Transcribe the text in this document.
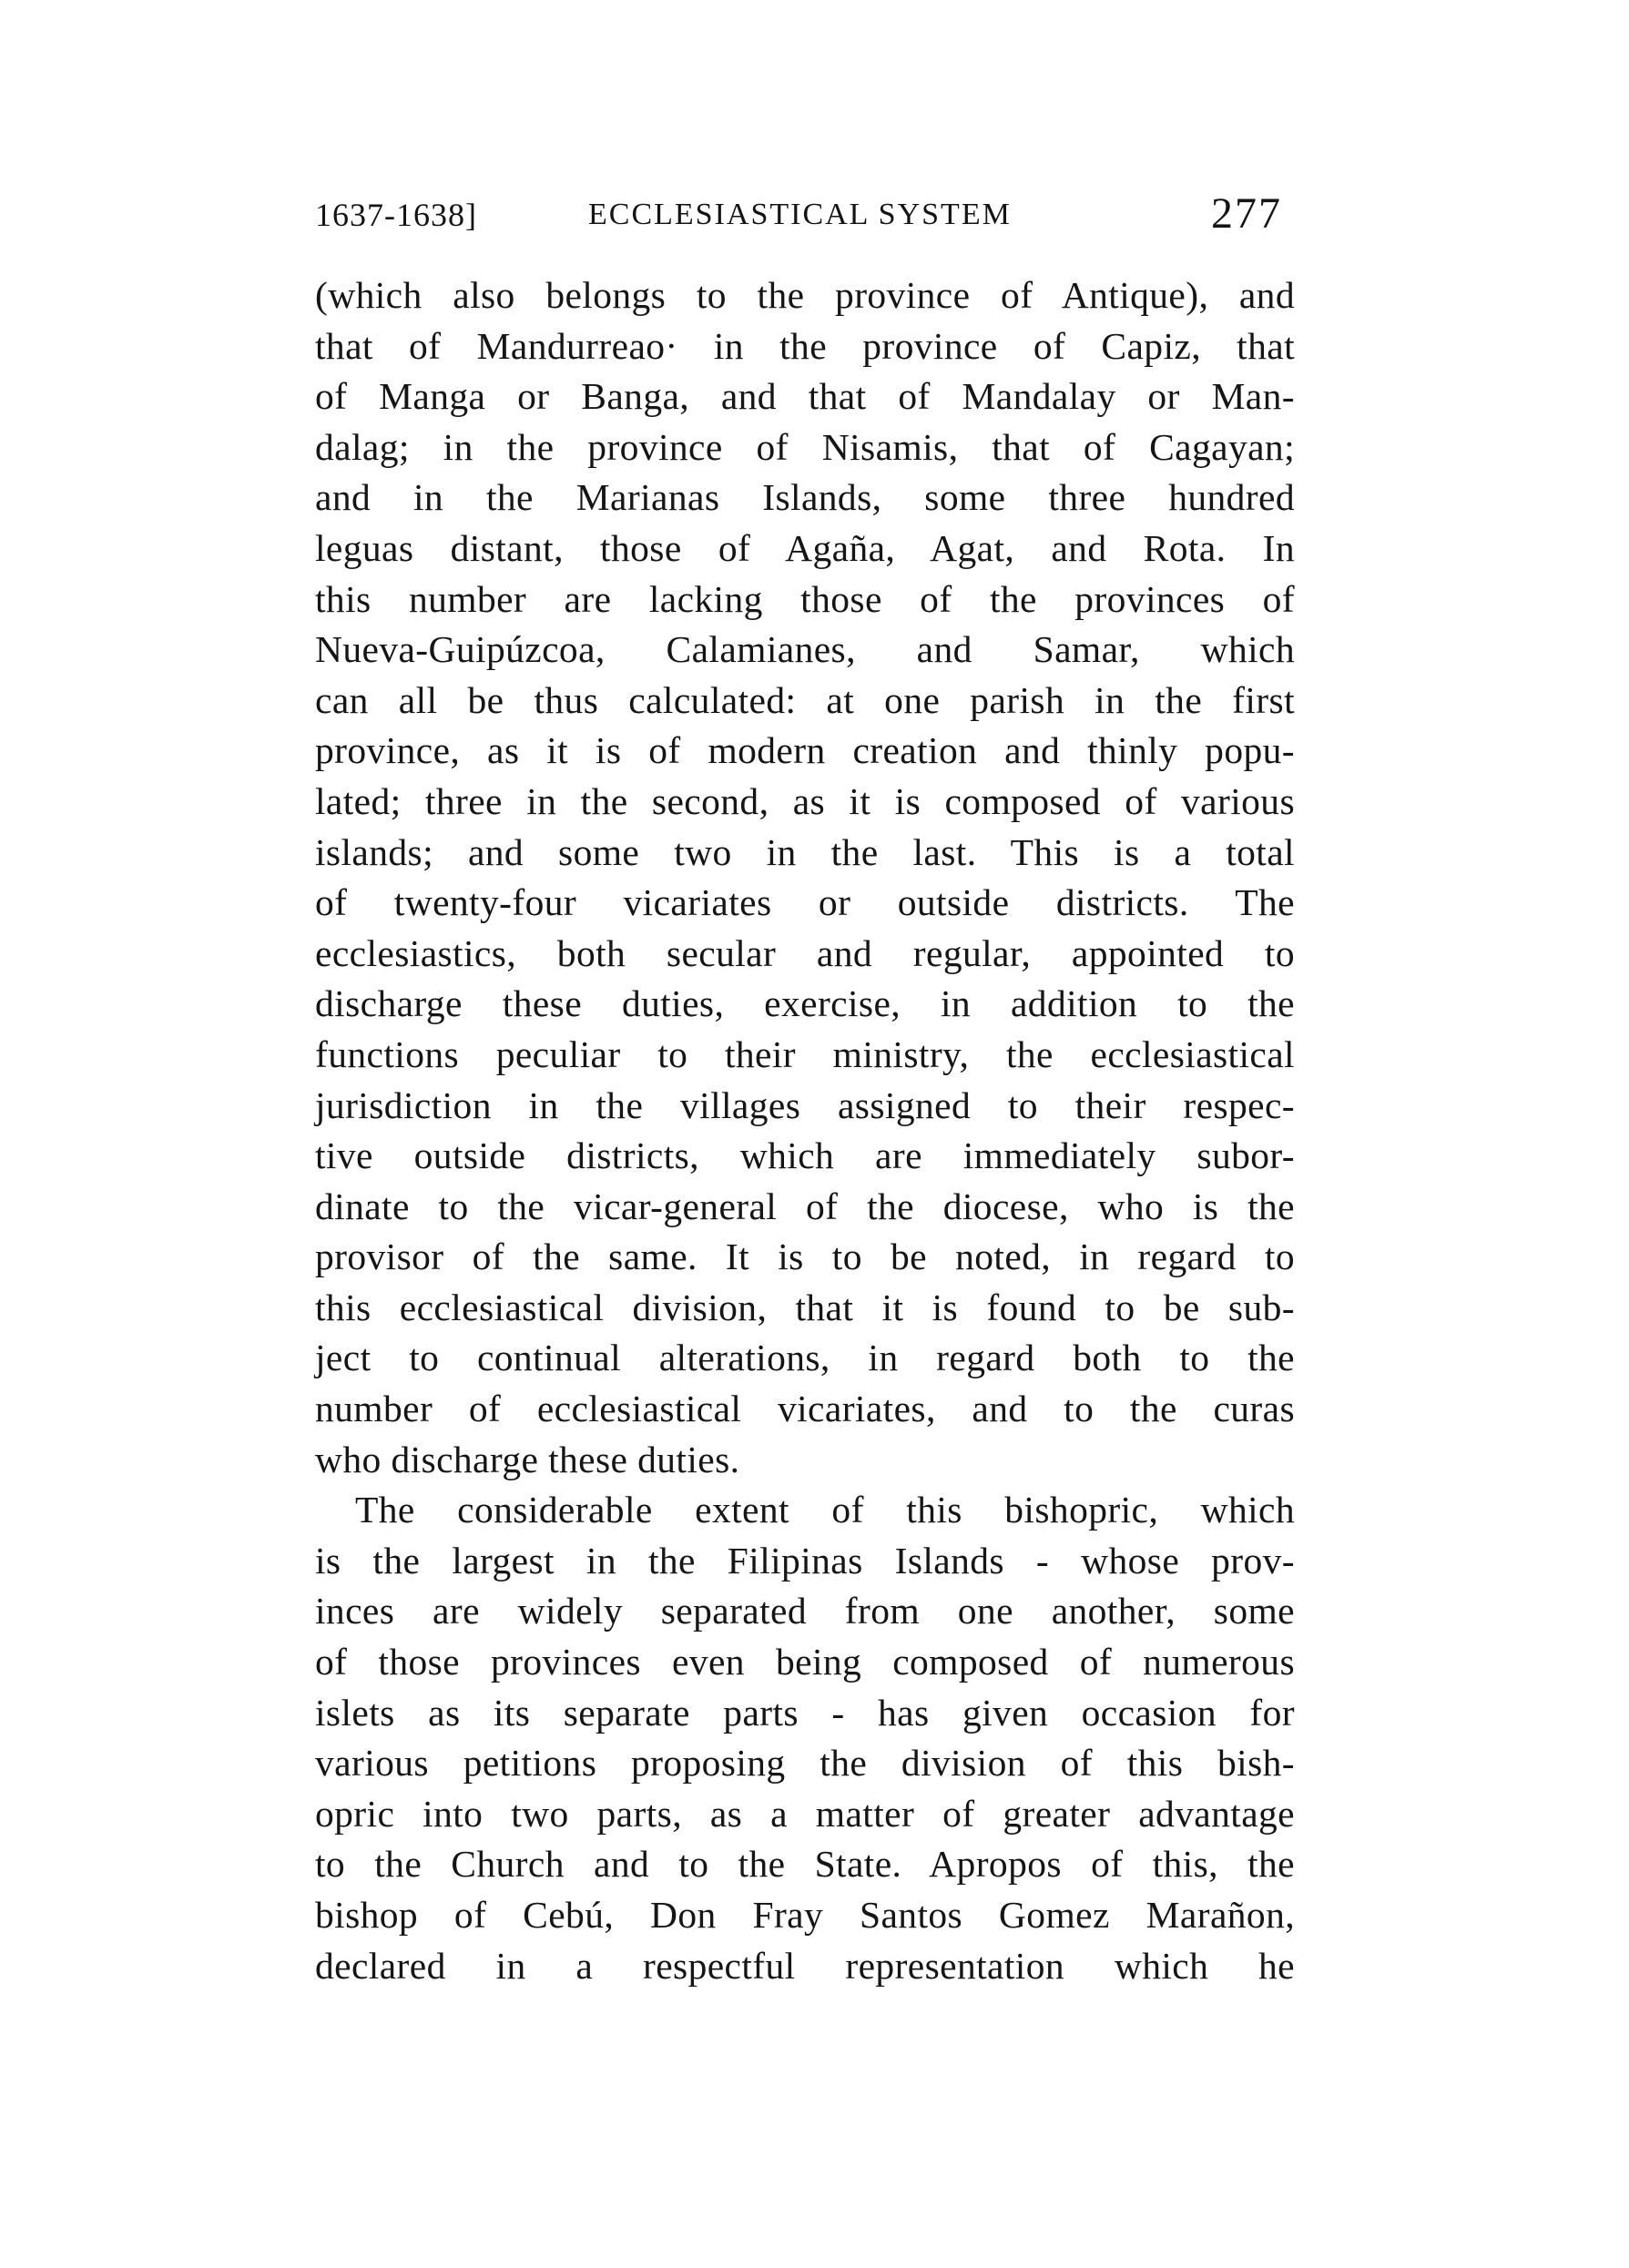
1637-1638]	ECCLESIASTICAL SYSTEM	277
(which also belongs to the province of Antique), and
that of Mandurreao· in the province of Capiz, that
of Manga or Banga, and that of Mandalay or Man-
dalag; in the province of Nisamis, that of Cagayan;
and in the Marianas Islands, some three hundred
leguas distant, those of Agaña, Agat, and Rota. In
this number are lacking those of the provinces of
Nueva-Guipúzcoa, Calamianes, and Samar, which
can all be thus calculated: at one parish in the first
province, as it is of modern creation and thinly popu-
lated; three in the second, as it is composed of various
islands; and some two in the last. This is a total
of twenty-four vicariates or outside districts. The
ecclesiastics, both secular and regular, appointed to
discharge these duties, exercise, in addition to the
functions peculiar to their ministry, the ecclesiastical
jurisdiction in the villages assigned to their respec-
tive outside districts, which are immediately subor-
dinate to the vicar-general of the diocese, who is the
provisor of the same. It is to be noted, in regard to
this ecclesiastical division, that it is found to be sub-
ject to continual alterations, in regard both to the
number of ecclesiastical vicariates, and to the curas
who discharge these duties.
The considerable extent of this bishopric, which
is the largest in the Filipinas Islands - whose prov-
inces are widely separated from one another, some
of those provinces even being composed of numerous
islets as its separate parts - has given occasion for
various petitions proposing the division of this bish-
opric into two parts, as a matter of greater advantage
to the Church and to the State. Apropos of this, the
bishop of Cebú, Don Fray Santos Gomez Marañon,
declared in a respectful representation which he
